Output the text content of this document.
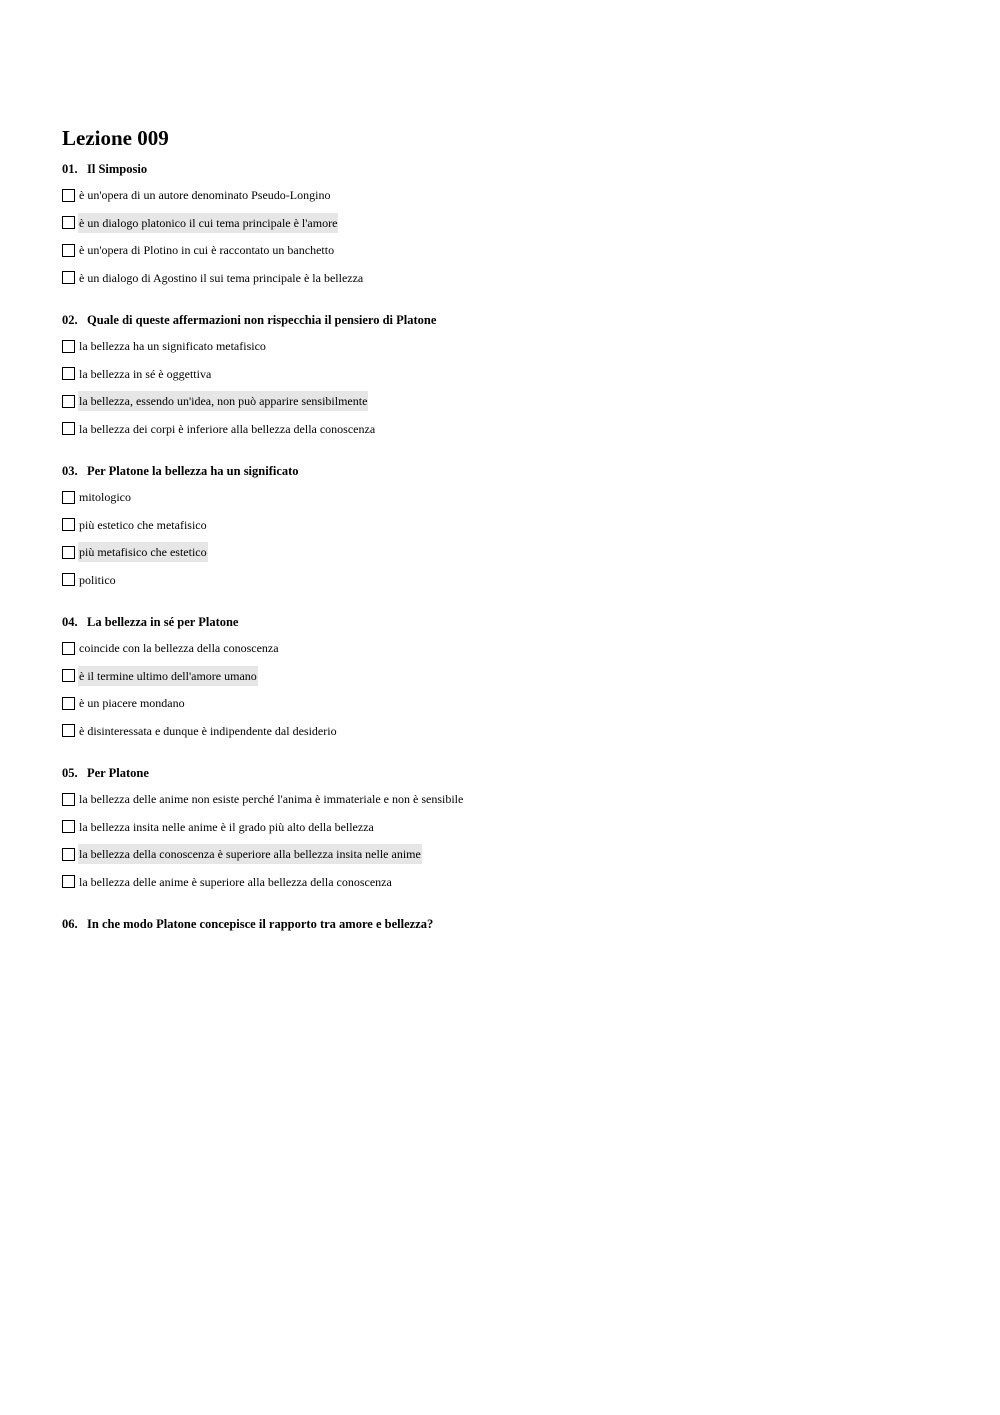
Lezione 009
01. Il Simposio
è un'opera di un autore denominato Pseudo-Longino
è un dialogo platonico il cui tema principale è l'amore
è un'opera di Plotino in cui è raccontato un banchetto
è un dialogo di Agostino il sui tema principale è la bellezza
02. Quale di queste affermazioni non rispecchia il pensiero di Platone
la bellezza ha un significato metafisico
la bellezza in sé è oggettiva
la bellezza, essendo un'idea, non può apparire sensibilmente
la bellezza dei corpi è inferiore alla bellezza della conoscenza
03. Per Platone la bellezza ha un significato
mitologico
più estetico che metafisico
più metafisico che estetico
politico
04. La bellezza in sé per Platone
coincide con la bellezza della conoscenza
è il termine ultimo dell'amore umano
è un piacere mondano
è disinteressata e dunque è indipendente dal desiderio
05. Per Platone
la bellezza delle anime non esiste perché l'anima è immateriale e non è sensibile
la bellezza insita nelle anime è il grado più alto della bellezza
la bellezza della conoscenza è superiore alla bellezza insita nelle anime
la bellezza delle anime è superiore alla bellezza della conoscenza
06. In che modo Platone concepisce il rapporto tra amore e bellezza?
